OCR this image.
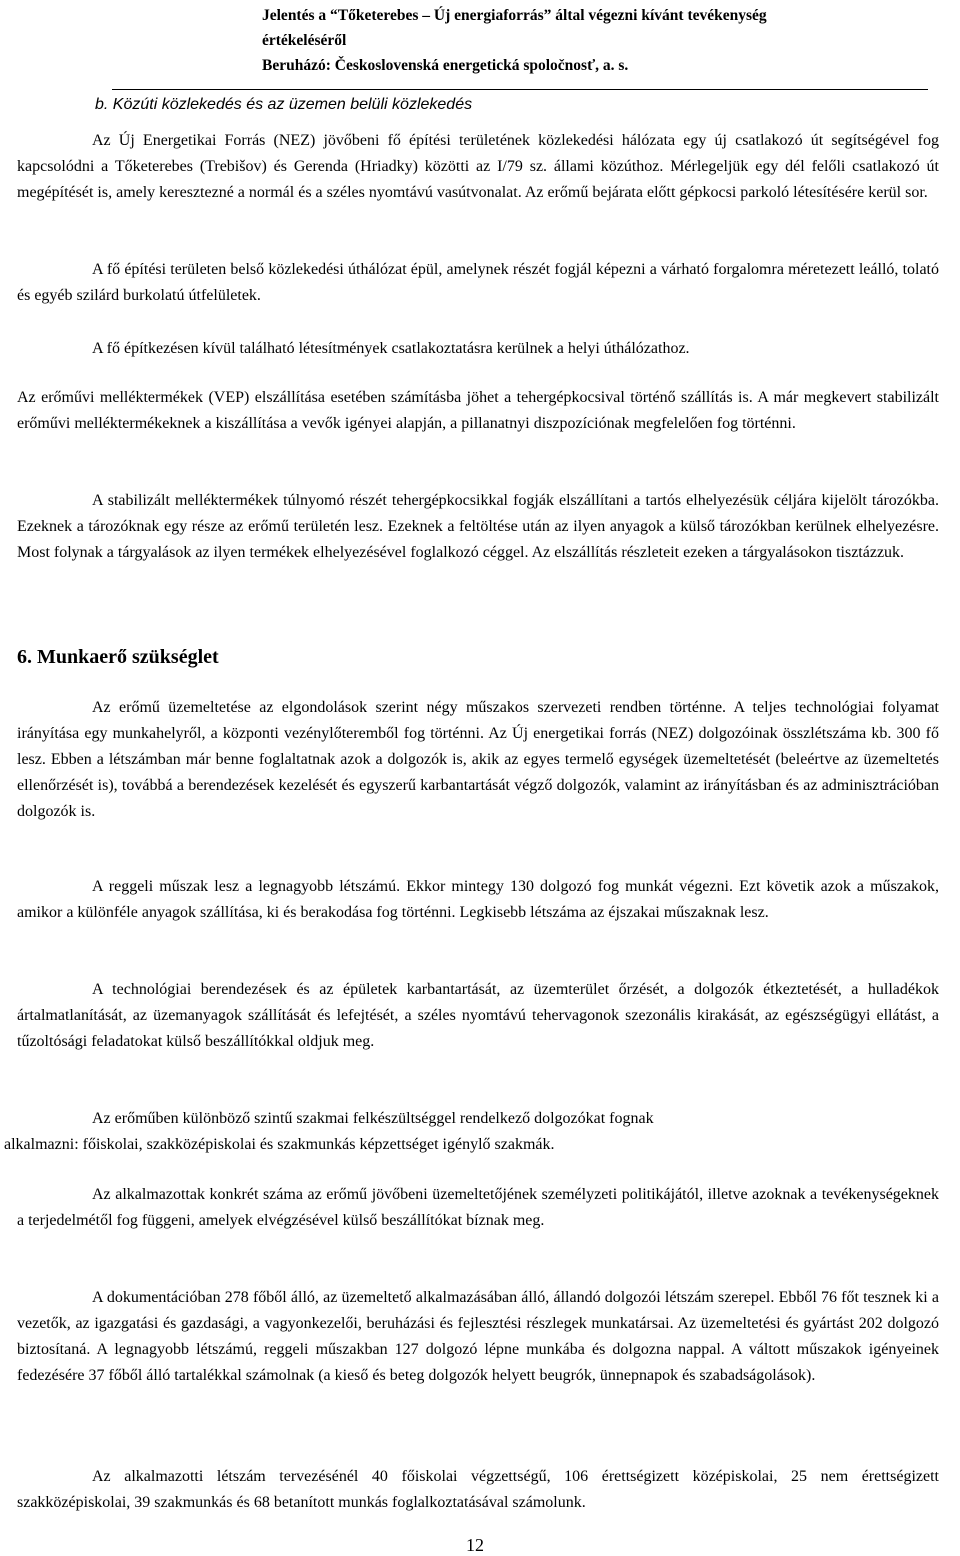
Jelentés a “Tőketerebes – Új energiaforrás” által végezni kívánt tevékenység
értékeléséről
Beruházó: Československá energetická spoločnosť, a. s.
b. Közúti közlekedés és az üzemen belüli közlekedés

Az Új Energetikai Forrás (NEZ) jövőbeni fő építési területének közlekedési hálózata egy új csatlakozó út segítségével fog kapcsolódni a Tőketerebes (Trebišov) és Gerenda (Hriadky) közötti az I/79 sz. állami közúthoz. Mérlegeljük egy dél felőli csatlakozó út megépítését is, amely keresztezné a normál és a széles nyomtávú vasútvonalat. Az erőmű bejárata előtt gépkocsi parkoló létesítésére kerül sor.

A fő építési területen belső közlekedési úthálózat épül, amelynek részét fogjál képezni a várható forgalomra méretezett leálló, tolató és egyéb szilárd burkolatú útfelületek.

A fő építkezésen kívül található létesítmények csatlakoztatásra kerülnek a helyi úthálózathoz.

Az erőművi melléktermékek (VEP) elszállítása esetében számításba jöhet a tehergépkocsival történő szállítás is. A már megkevert stabilizált erőművi melléktermékeknek a kiszállítása a vevők igényei alapján, a pillanatnyi diszpozíciónak megfelelően fog történni.

A stabilizált melléktermékek túlnyomó részét tehergépkocsikkal fogják elszállítani a tartós elhelyezésük céljára kijelölt tározókba. Ezeknek a tározóknak egy része az erőmű területén lesz. Ezeknek a feltöltése után az ilyen anyagok a külső tározókban kerülnek elhelyezésre. Most folynak a tárgyalások az ilyen termékek elhelyezésével foglalkozó céggel. Az elszállítás részleteit ezeken a tárgyalásokon tisztázzuk.

6. Munkaerő szükséglet

Az erőmű üzemeltetése az elgondolások szerint négy műszakos szervezeti rendben történne. A teljes technológiai folyamat irányítása egy munkahelyről, a központi vezénylőteremből fog történni. Az Új energetikai forrás (NEZ) dolgozóinak összlétszáma kb. 300 fő lesz. Ebben a létszámban már benne foglaltatnak azok a dolgozók is, akik az egyes termelő egységek üzemeltetését (beleértve az üzemeltetés ellenőrzését is), továbbá a berendezések kezelését és egyszerű karbantartását végző dolgozók, valamint az irányításban és az adminisztrációban dolgozók is.

A reggeli műszak lesz a legnagyobb létszámú. Ekkor mintegy 130 dolgozó fog munkát végezni. Ezt követik azok a műszakok, amikor a különféle anyagok szállítása, ki és berakodása fog történni. Legkisebb létszáma az éjszakai műszaknak lesz.

A technológiai berendezések és az épületek karbantartását, az üzemterület őrzését, a dolgozók étkeztetését, a hulladékok ártalmatlanítását, az üzemanyagok szállítását és lefejtését, a széles nyomtávú tehervagonok szezonális kirakását, az egészségügyi ellátást, a tűzoltósági feladatokat külső beszállítókkal oldjuk meg.

Az erőműben különböző szintű szakmai felkészültséggel rendelkező dolgozókat fognak

alkalmazni: főiskolai, szakközépiskolai és szakmunkás képzettséget igénylő szakmák.

Az alkalmazottak konkrét száma az erőmű jövőbeni üzemeltetőjének személyzeti politikájától, illetve azoknak a tevékenységeknek a terjedelmétől fog függeni, amelyek elvégzésével külső beszállítókat bíznak meg.

A dokumentációban 278 főből álló, az üzemeltető alkalmazásában álló, állandó dolgozói létszám szerepel. Ebből 76 főt tesznek ki a vezetők, az igazgatási és gazdasági, a vagyonkezelői, beruházási és fejlesztési részlegek munkatársai. Az üzemeltetési és gyártást 202 dolgozó biztosítaná. A legnagyobb létszámú, reggeli műszakban 127 dolgozó lépne munkába és dolgozna nappal. A váltott műszakok igényeinek fedezésére 37 főből álló tartalékkal számolnak (a kieső és beteg dolgozók helyett beugrók, ünnepnapok és szabadságolások).

Az alkalmazotti létszám tervezésénél 40 főiskolai végzettségű, 106 érettségizett középiskolai, 25 nem érettségizett szakközépiskolai, 39 szakmunkás és 68 betanított munkás foglalkoztatásával számolunk.

12
